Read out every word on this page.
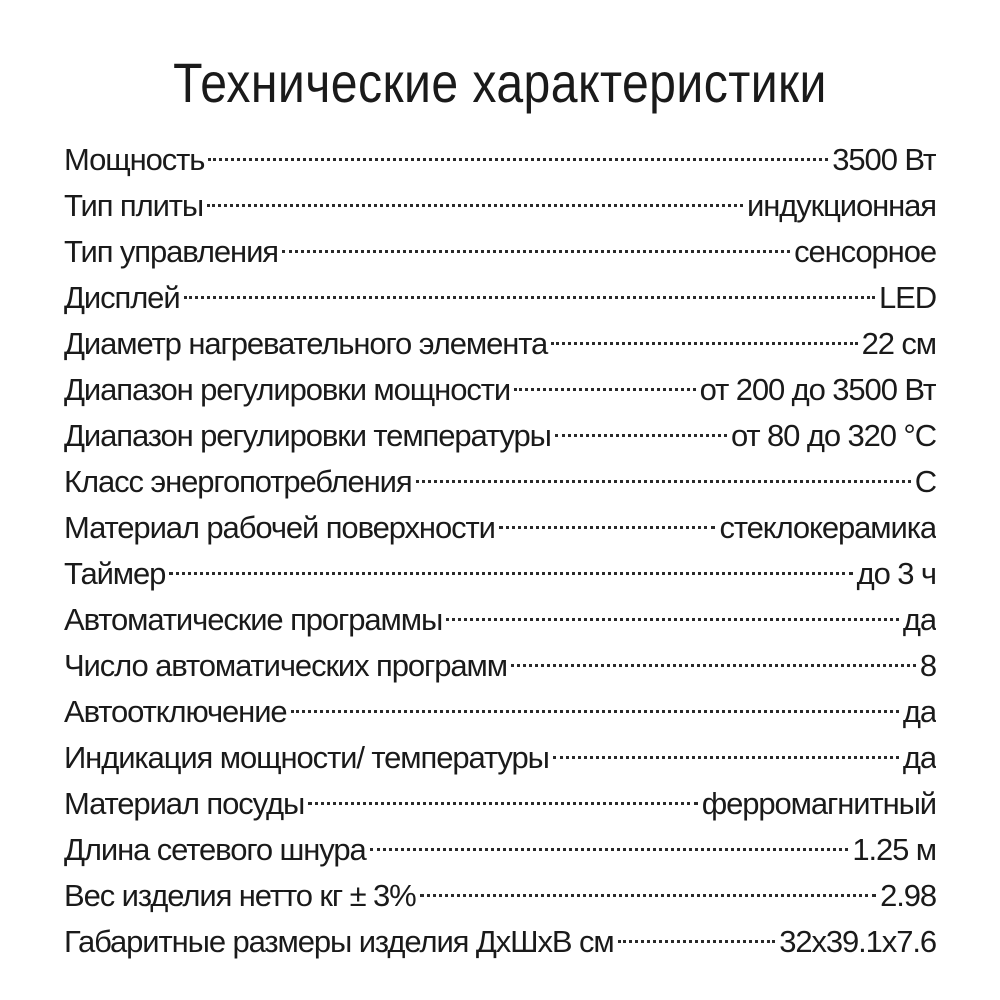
Технические характеристики
Мощность	3500 Вт
Тип плиты	индукционная
Тип управления	сенсорное
Дисплей	LED
Диаметр нагревательного элемента	22 см
Диапазон регулировки мощности	от 200 до 3500 Вт
Диапазон регулировки температуры	от 80 до 320 °С
Класс энергопотребления	С
Материал рабочей поверхности	стеклокерамика
Таймер	до 3 ч
Автоматические программы	да
Число автоматических программ	8
Автоотключение	да
Индикация мощности/ температуры	да
Материал посуды	ферромагнитный
Длина сетевого шнура	1.25 м
Вес изделия нетто кг ± 3%	2.98
Габаритные размеры изделия ДхШхВ см	32х39.1х7.6
